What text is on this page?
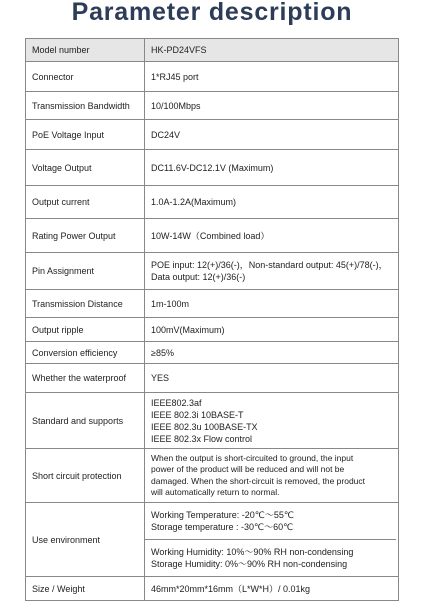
Parameter description
Model number	HK-PD24VFS
Connector	1*RJ45 port
Transmission Bandwidth	10/100Mbps
PoE Voltage Input	DC24V
Voltage Output	DC11.6V-DC12.1V (Maximum)
Output current	1.0A-1.2A(Maximum)
Rating Power Output	10W-14W（Combined load）
Pin Assignment	POE input: 12(+)/36(-)，Non-standard output: 45(+)/78(-)，
Data output: 12(+)/36(-)

Transmission Distance	1m-100m
Output ripple	100mV(Maximum)
Conversion efficiency	≥85%
Whether the waterproof	YES
Standard and supports	IEEE802.3af
IEEE 802.3i 10BASE-T
IEEE 802.3u 100BASE-TX
IEEE 802.3x Flow control

Short circuit protection	When the output is short-circuited to ground, the input
power of the product will be reduced and will not be
damaged. When the short-circuit is removed, the product
will automatically return to normal.

Use environment	Working Temperature: -20℃～55℃
Storage temperature : -30℃～60℃
Working Humidity: 10%～90% RH non-condensing
Storage Humidity: 0%～90% RH non-condensing

Size / Weight	46mm*20mm*16mm（L*W*H）/ 0.01kg
